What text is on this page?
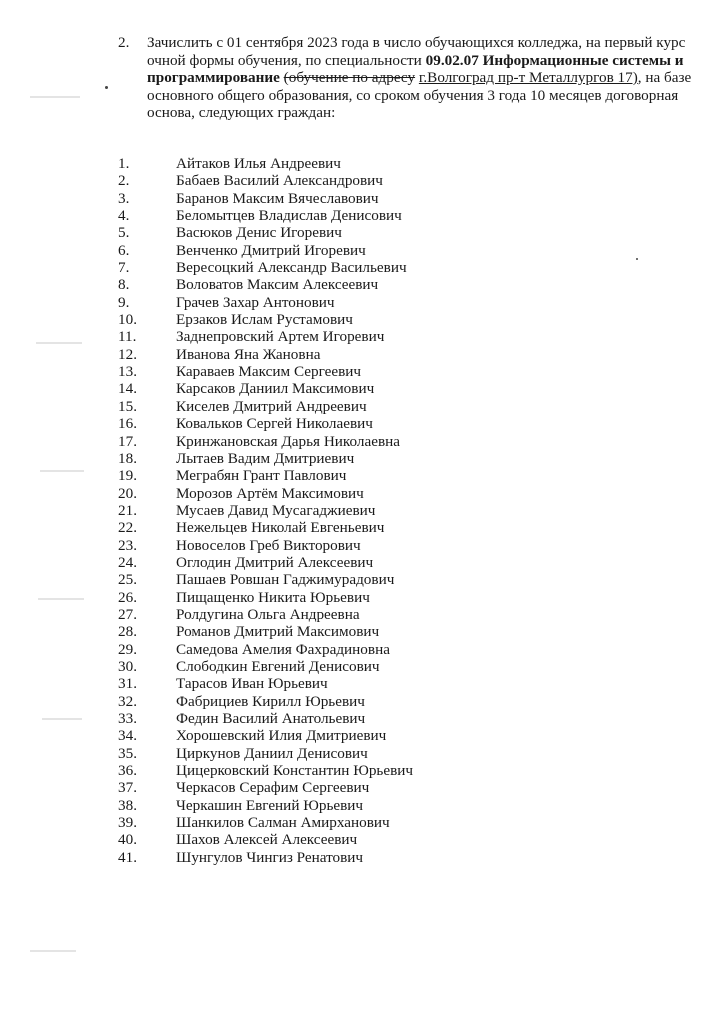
2. Зачислить с 01 сентября 2023 года в число обучающихся колледжа, на первый курс очной формы обучения, по специальности 09.02.07 Информационные системы и программирование (обучение по адресу г.Волгоград пр-т Металлургов 17), на базе основного общего образования, со сроком обучения 3 года 10 месяцев договорная основа, следующих граждан:
1.	Айтаков Илья Андреевич
2.	Бабаев Василий Александрович
3.	Баранов Максим Вячеславович
4.	Беломытцев Владислав Денисович
5.	Васюков Денис Игоревич
6.	Венченко Дмитрий Игоревич
7.	Вересоцкий Александр Васильевич
8.	Воловатов Максим Алексеевич
9.	Грачев Захар Антонович
10.	Ерзаков Ислам Рустамович
11.	Заднепровский Артем Игоревич
12.	Иванова Яна Жановна
13.	Караваев Максим Сергеевич
14.	Карсаков Даниил Максимович
15.	Киселев Дмитрий Андреевич
16.	Ковальков Сергей Николаевич
17.	Кринжановская Дарья Николаевна
18.	Лытаев Вадим Дмитриевич
19.	Меграбян Грант Павлович
20.	Морозов Артём Максимович
21.	Мусаев Давид Мусагаджиевич
22.	Нежельцев Николай Евгеньевич
23.	Новоселов Греб Викторович
24.	Оглодин Дмитрий Алексеевич
25.	Пашаев Ровшан Гаджимурадович
26.	Пищащенко Никита Юрьевич
27.	Ролдугина Ольга Андреевна
28.	Романов Дмитрий Максимович
29.	Самедова Амелия Фахрадиновна
30.	Слободкин Евгений Денисович
31.	Тарасов Иван Юрьевич
32.	Фабрициев Кирилл Юрьевич
33.	Федин Василий Анатольевич
34.	Хорошевский Илия Дмитриевич
35.	Циркунов Даниил Денисович
36.	Цицерковский Константин Юрьевич
37.	Черкасов Серафим Сергеевич
38.	Черкашин Евгений Юрьевич
39.	Шанкилов Салман Амирханович
40.	Шахов Алексей Алексеевич
41.	Шунгулов Чингиз Ренатович
